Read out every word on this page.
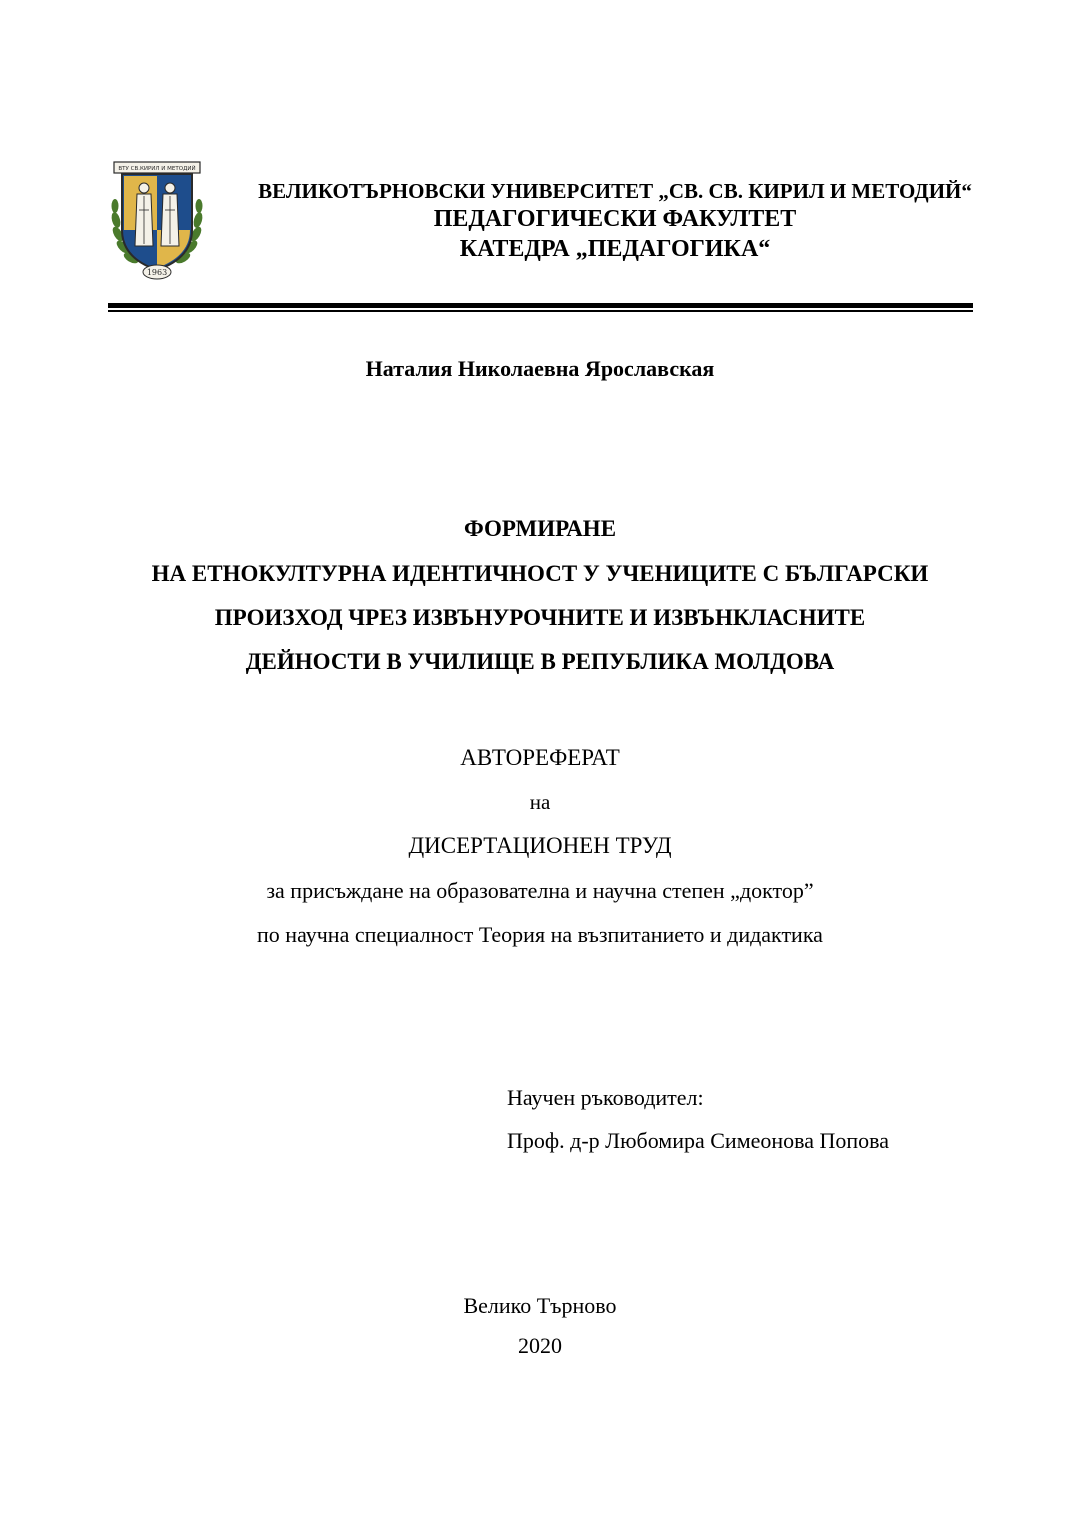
ВТУ СВ.КИРИЛ И МЕТОДИЙ
1963
ВЕЛИКОТЪРНОВСКИ УНИВЕРСИТЕТ „СВ. СВ. КИРИЛ И МЕТОДИЙ“
ПЕДАГОГИЧЕСКИ ФАКУЛТЕТ
КАТЕДРА „ПЕДАГОГИКА“
Наталия Николаевна Ярославская
ФОРМИРАНЕ
НА ЕТНОКУЛТУРНА ИДЕНТИЧНОСТ У УЧЕНИЦИТЕ С БЪЛГАРСКИ
ПРОИЗХОД ЧРЕЗ ИЗВЪНУРОЧНИТЕ И ИЗВЪНКЛАСНИТЕ
ДЕЙНОСТИ В УЧИЛИЩЕ В РЕПУБЛИКА МОЛДОВА
АВТОРЕФЕРАТ
на
ДИСЕРТАЦИОНЕН ТРУД
за присъждане на образователна и научна степен „доктор”
по научна специалност Теория на възпитанието и дидактика
Научен ръководител:
Проф. д-р Любомира Симеонова Попова
Велико Търново
2020
